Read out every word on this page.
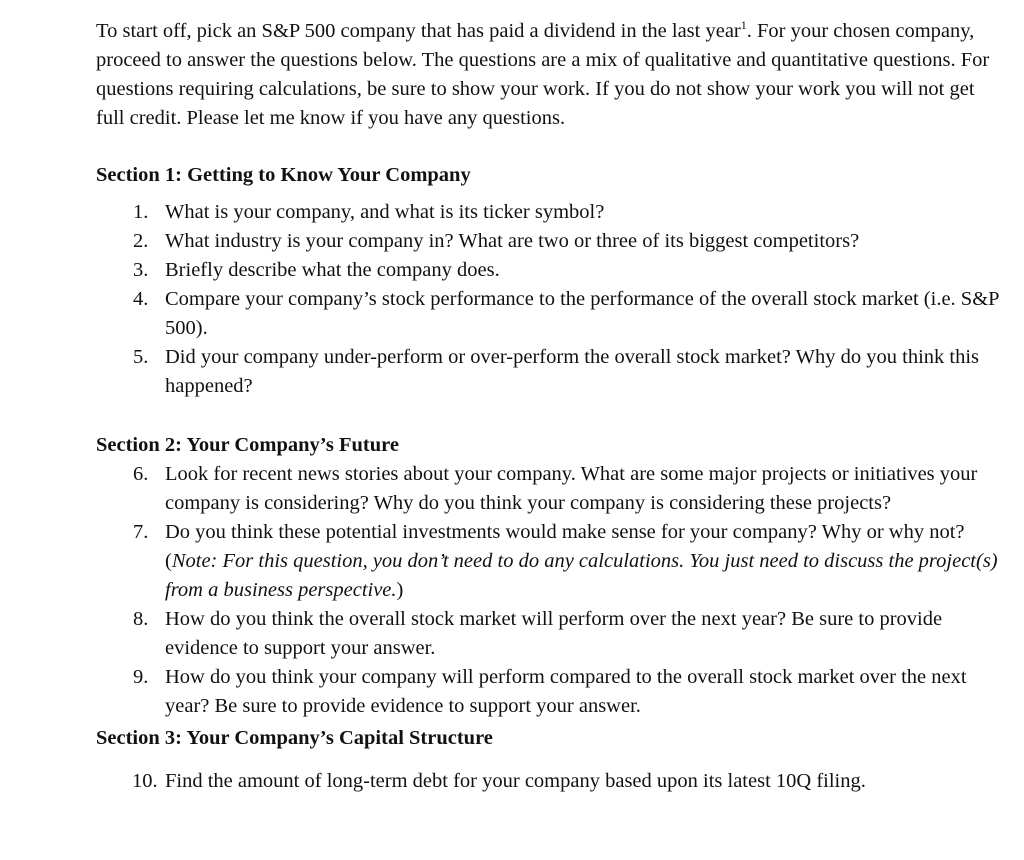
To start off, pick an S&P 500 company that has paid a dividend in the last year$^1$. For your chosen company, proceed to answer the questions below. The questions are a mix of qualitative and quantitative questions. For questions requiring calculations, be sure to show your work. If you do not show your work you will not get full credit. Please let me know if you have any questions.

Section 1: Getting to Know Your Company

1. What is your company, and what is its ticker symbol?
2. What industry is your company in? What are two or three of its biggest competitors?
3. Briefly describe what the company does.
4. Compare your company’s stock performance to the performance of the overall stock market (i.e. S&P 500).
5. Did your company under-perform or over-perform the overall stock market? Why do you think this happened?

Section 2: Your Company’s Future

6. Look for recent news stories about your company. What are some major projects or initiatives your company is considering? Why do you think your company is considering these projects?
7. Do you think these potential investments would make sense for your company? Why or why not? (Note: For this question, you don’t need to do any calculations. You just need to discuss the project(s) from a business perspective.)
8. How do you think the overall stock market will perform over the next year? Be sure to provide evidence to support your answer.
9. How do you think your company will perform compared to the overall stock market over the next year? Be sure to provide evidence to support your answer.

Section 3: Your Company’s Capital Structure

10. Find the amount of long-term debt for your company based upon its latest 10Q filing.
